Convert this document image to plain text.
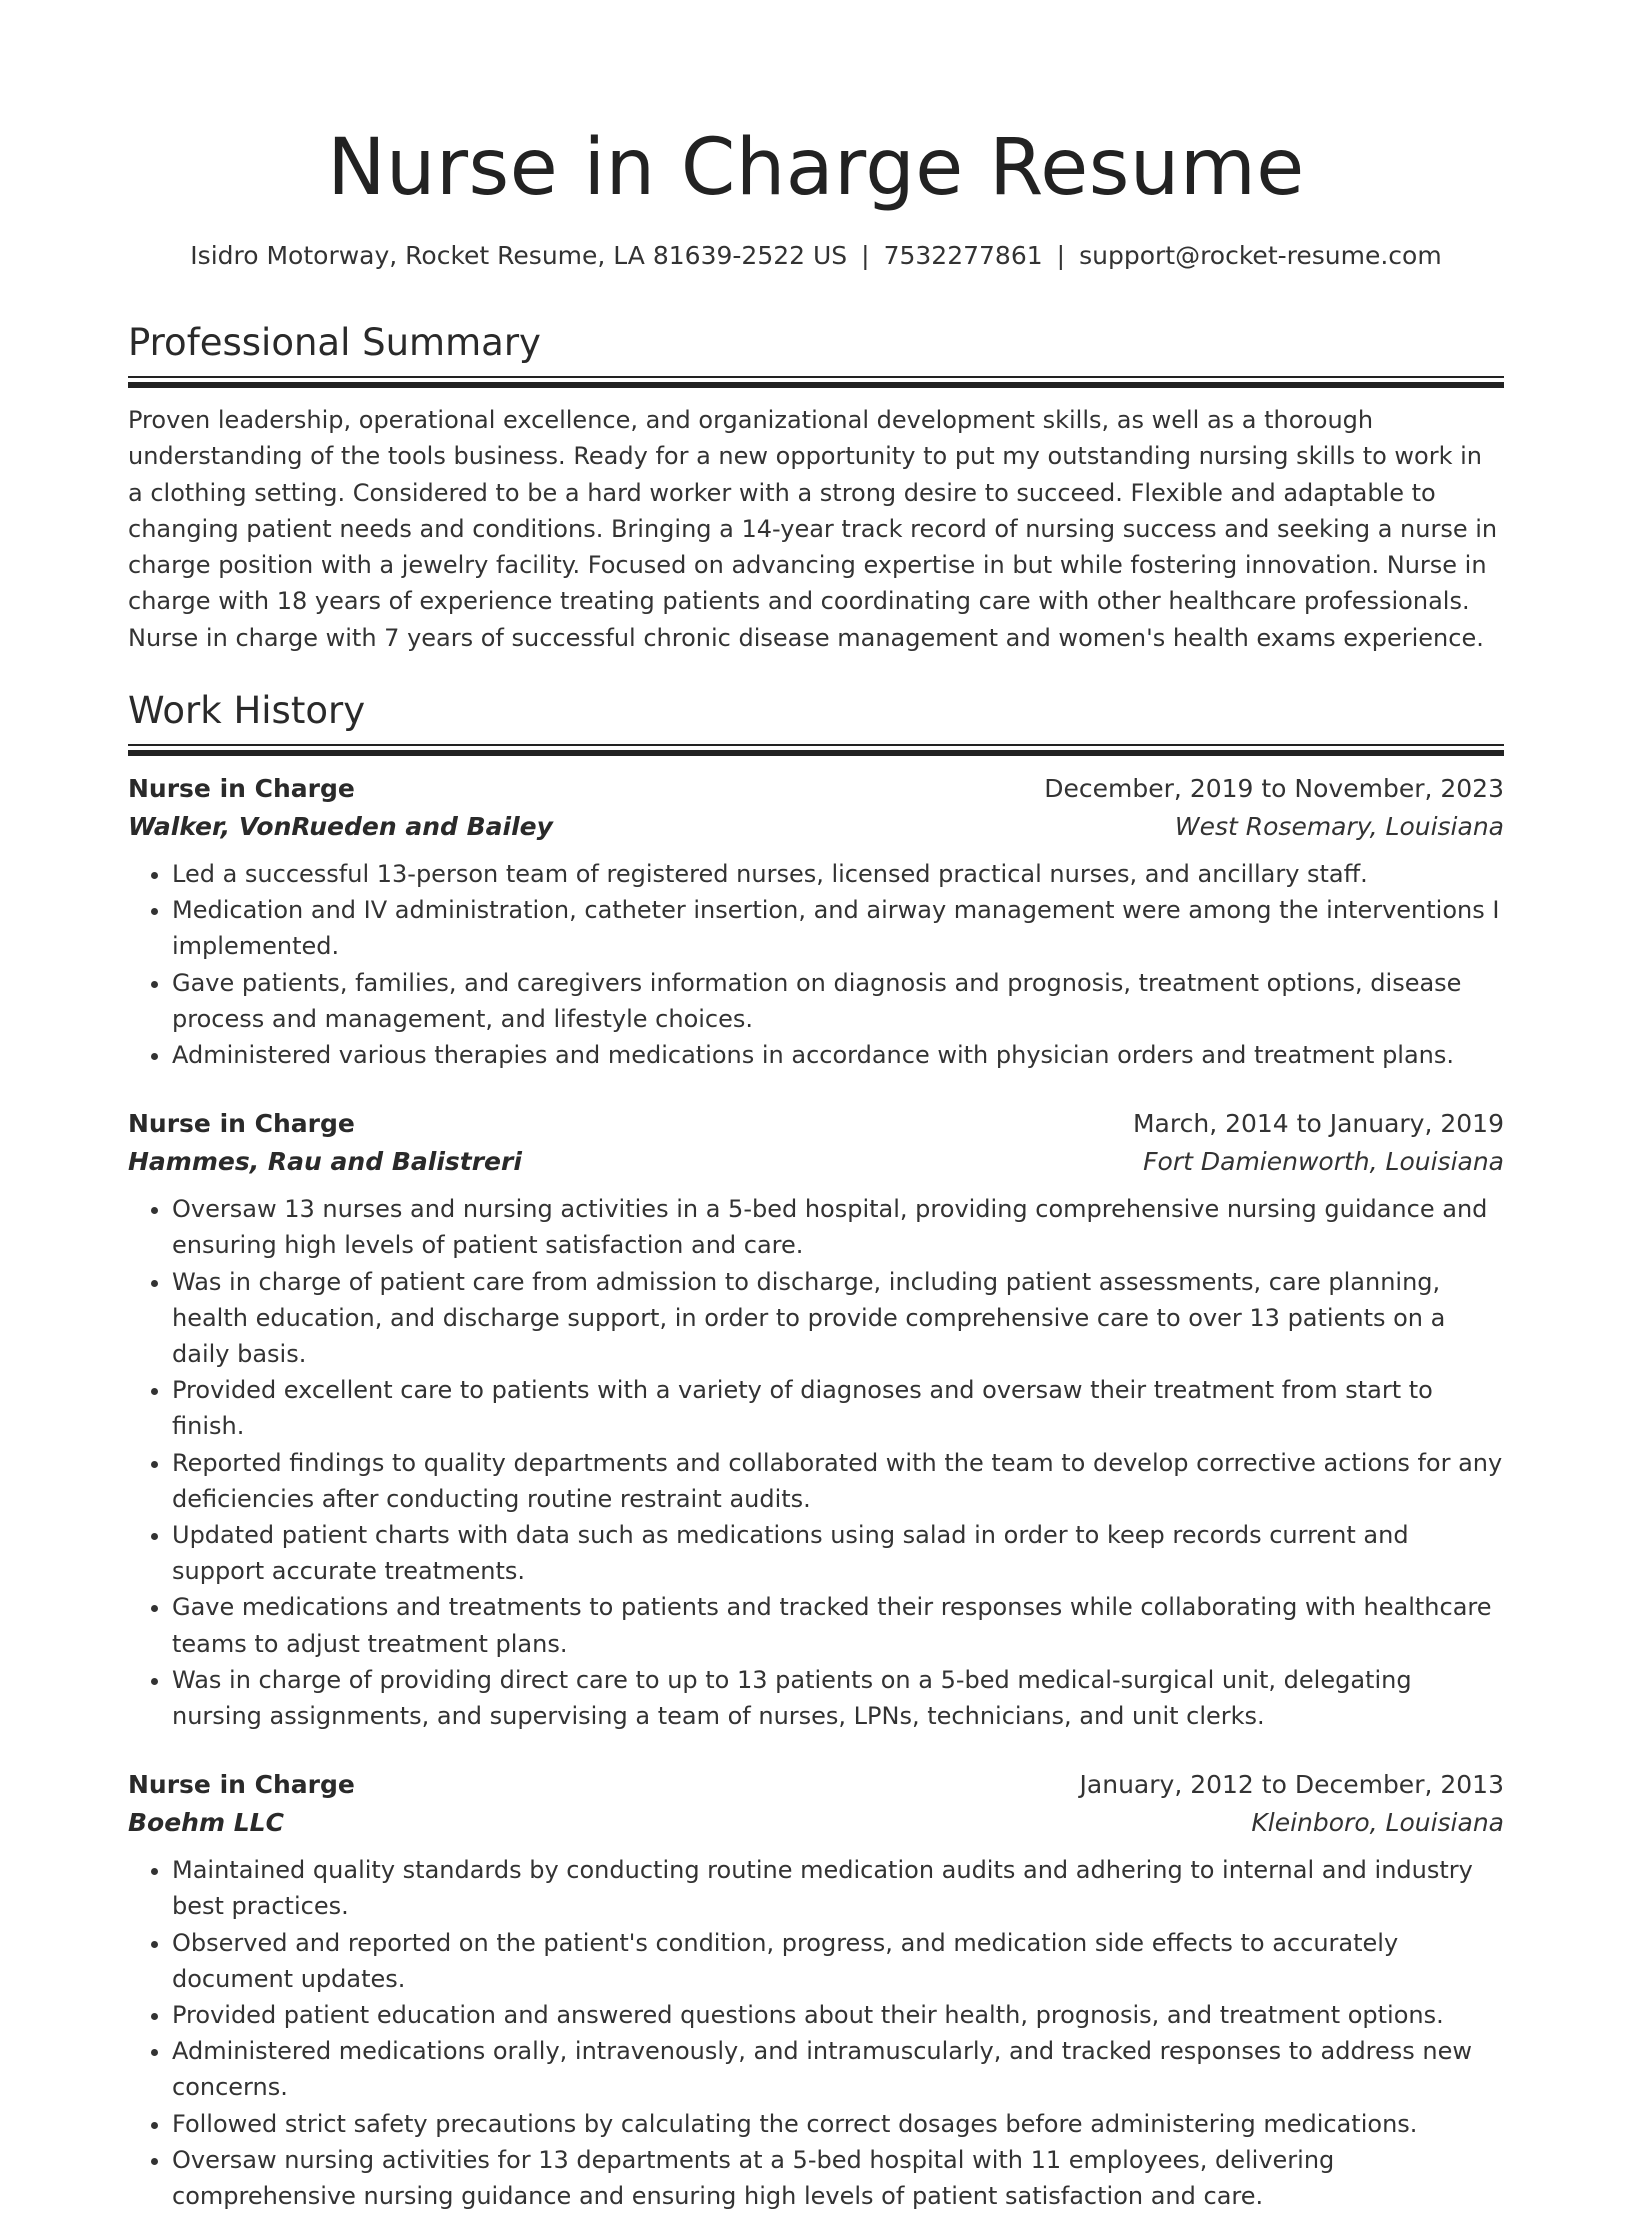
Nurse in Charge Resume
Isidro Motorway, Rocket Resume, LA 81639-2522 US | 7532277861 | support@rocket-resume.com
Professional Summary

Proven leadership, operational excellence, and organizational development skills, as well as a thorough understanding of the tools business. Ready for a new opportunity to put my outstanding nursing skills to work in a clothing setting. Considered to be a hard worker with a strong desire to succeed. Flexible and adaptable to changing patient needs and conditions. Bringing a 14-year track record of nursing success and seeking a nurse in charge position with a jewelry facility. Focused on advancing expertise in but while fostering innovation. Nurse in charge with 18 years of experience treating patients and coordinating care with other healthcare professionals. Nurse in charge with 7 years of successful chronic disease management and women's health exams experience.

Work History
Nurse in Charge	December, 2019 to November, 2023
Walker, VonRueden and Bailey	West Rosemary, Louisiana
• Led a successful 13-person team of registered nurses, licensed practical nurses, and ancillary staff.
• Medication and IV administration, catheter insertion, and airway management were among the interventions I implemented.
• Gave patients, families, and caregivers information on diagnosis and prognosis, treatment options, disease process and management, and lifestyle choices.
• Administered various therapies and medications in accordance with physician orders and treatment plans.
Nurse in Charge	March, 2014 to January, 2019
Hammes, Rau and Balistreri	Fort Damienworth, Louisiana
• Oversaw 13 nurses and nursing activities in a 5-bed hospital, providing comprehensive nursing guidance and ensuring high levels of patient satisfaction and care.
• Was in charge of patient care from admission to discharge, including patient assessments, care planning, health education, and discharge support, in order to provide comprehensive care to over 13 patients on a daily basis.
• Provided excellent care to patients with a variety of diagnoses and oversaw their treatment from start to finish.
• Reported findings to quality departments and collaborated with the team to develop corrective actions for any deficiencies after conducting routine restraint audits.
• Updated patient charts with data such as medications using salad in order to keep records current and support accurate treatments.
• Gave medications and treatments to patients and tracked their responses while collaborating with healthcare teams to adjust treatment plans.
• Was in charge of providing direct care to up to 13 patients on a 5-bed medical-surgical unit, delegating nursing assignments, and supervising a team of nurses, LPNs, technicians, and unit clerks.
Nurse in Charge	January, 2012 to December, 2013
Boehm LLC	Kleinboro, Louisiana
• Maintained quality standards by conducting routine medication audits and adhering to internal and industry best practices.
• Observed and reported on the patient's condition, progress, and medication side effects to accurately document updates.
• Provided patient education and answered questions about their health, prognosis, and treatment options.
• Administered medications orally, intravenously, and intramuscularly, and tracked responses to address new concerns.
• Followed strict safety precautions by calculating the correct dosages before administering medications.
• Oversaw nursing activities for 13 departments at a 5-bed hospital with 11 employees, delivering comprehensive nursing guidance and ensuring high levels of patient satisfaction and care.
